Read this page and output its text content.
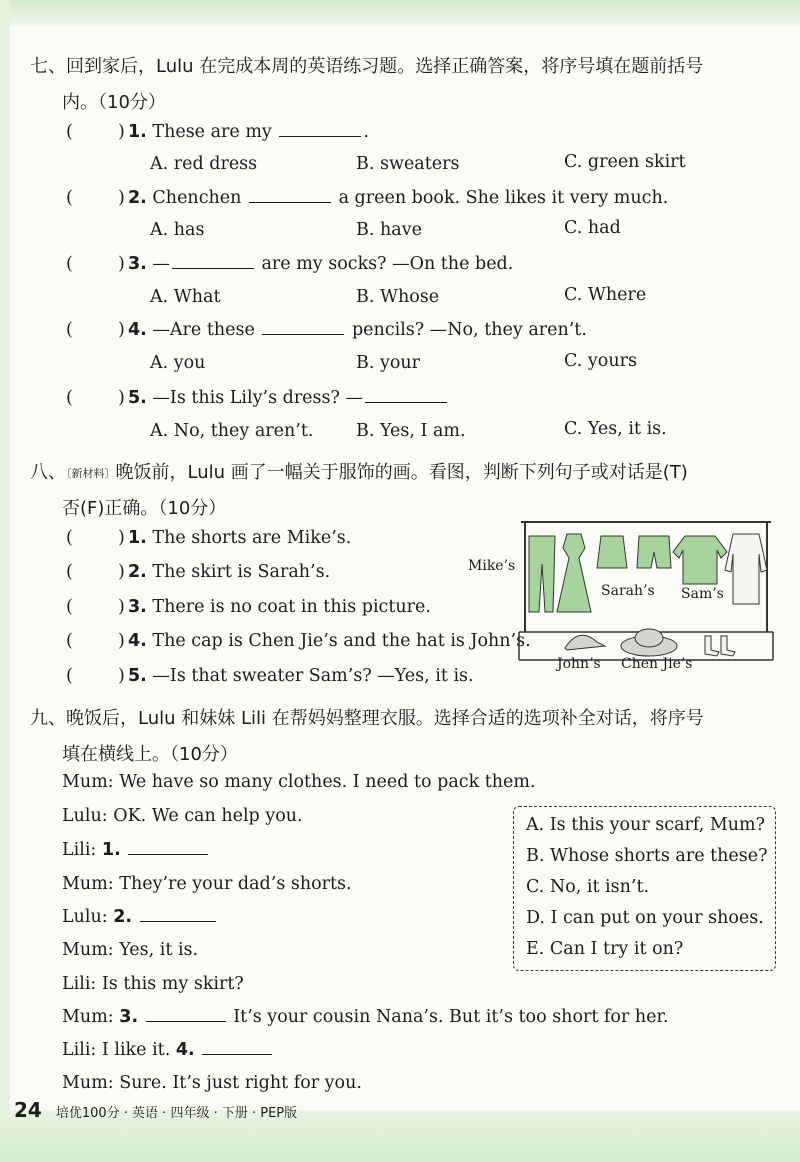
七、回到家后，Lulu 在完成本周的英语练习题。选择正确答案，将序号填在题前括号
内。（10分）
(	) 1. These are my	.
A. red dress	B. sweaters	C. green skirt
(	) 2. Chenchen	a green book. She likes it very much.
A. has	B. have	C. had
(	) 3. —	are my socks? —On the bed.
A. What	B. Whose	C. Where
(	) 4. —Are these	pencils? —No, they aren’t.
A. you	B. your	C. yours
(	) 5. —Is this Lily’s dress? —
A. No, they aren’t. B. Yes, I am.	C. Yes, it is.
八、〔新材料〕晚饭前，Lulu 画了一幅关于服饰的画。看图，判断下列句子或对话是(T)
否(F)正确。（10分）
(	) 1. The shorts are Mike’s.
(	) 2. The skirt is Sarah’s.
(	) 3. There is no coat in this picture.
(	) 4. The cap is Chen Jie’s and the hat is John’s.
(	) 5. —Is that sweater Sam’s? —Yes, it is.
Mike’s
Sarah’s Sam’s
John’s Chen Jie’s
九、晚饭后，Lulu 和妹妹 Lili 在帮妈妈整理衣服。选择合适的选项补全对话，将序号
填在横线上。（10分）
Mum: We have so many clothes. I need to pack them.
Lulu: OK. We can help you.
Lili: 1.
Mum: They’re your dad’s shorts.
Lulu: 2.
Mum: Yes, it is.
Lili: Is this my skirt?
Mum: 3.	It’s your cousin Nana’s. But it’s too short for her.
Lili: I like it. 4.
Mum: Sure. It’s just right for you.
A. Is this your scarf, Mum?
B. Whose shorts are these?
C. No, it isn’t.
D. I can put on your shoes.
E. Can I try it on?
24 培优100分 · 英语 · 四年级 · 下册 · PEP版
